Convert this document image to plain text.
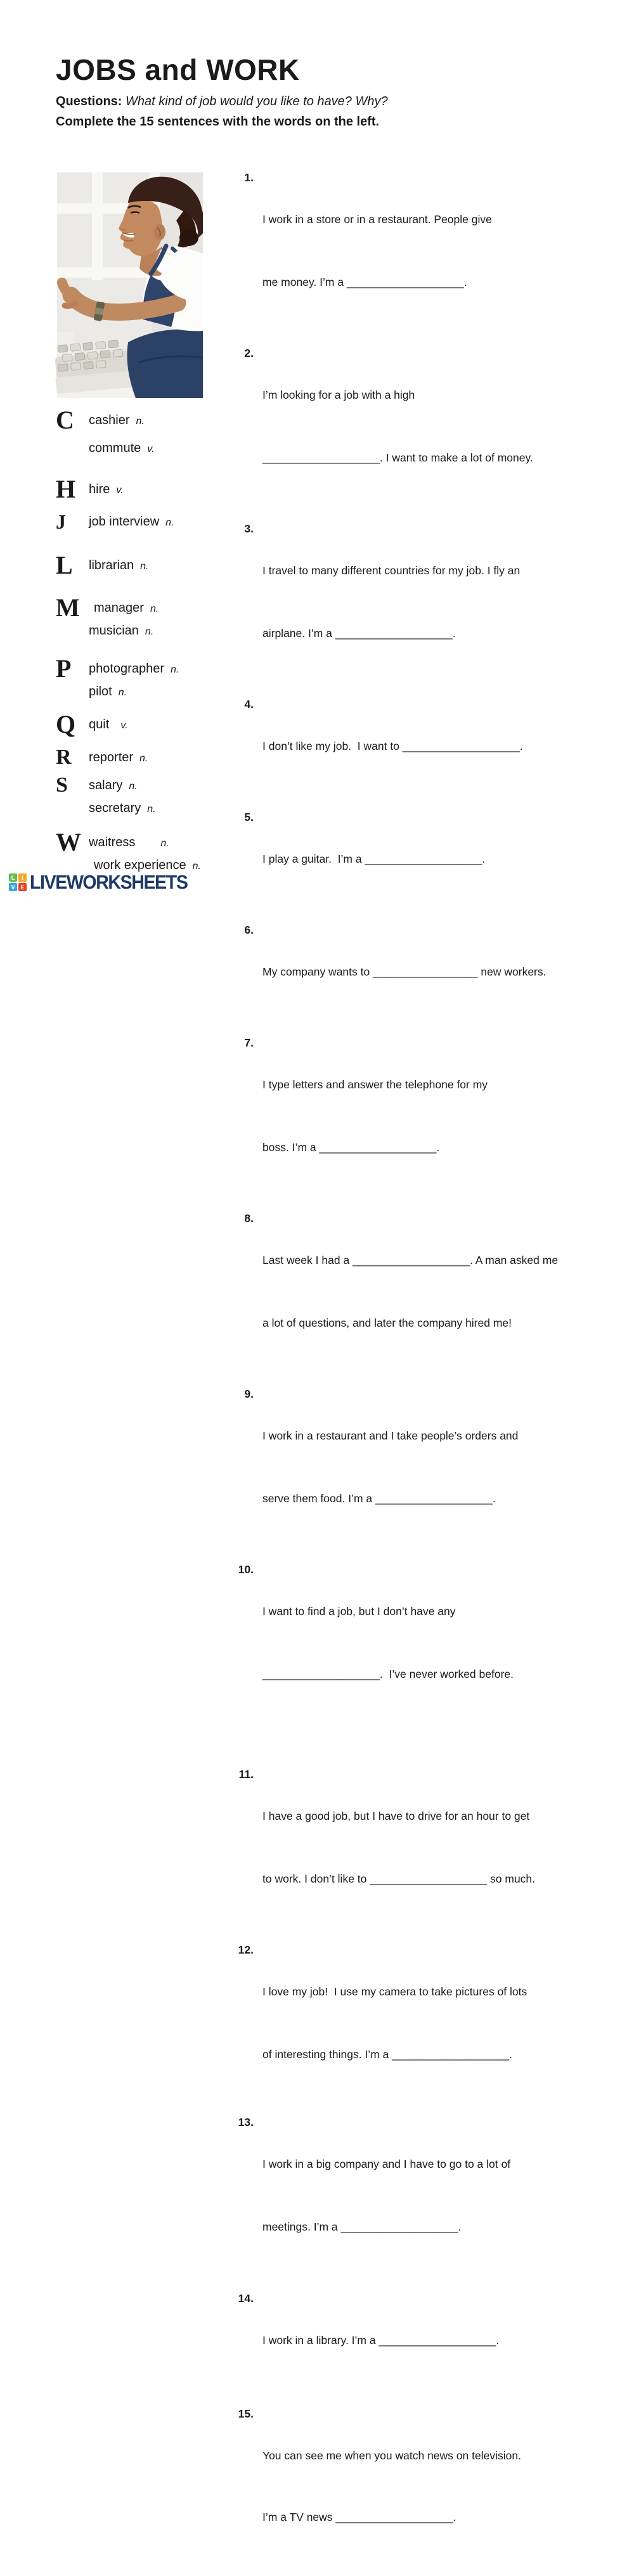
JOBS and WORK
Questions: What kind of job would you like to have? Why?
Complete the 15 sentences with the words on the left.
C	cashier n.
commute v.
H	hire v.
J	job interview n.
L	librarian n.
M	manager n.
musician n.
P	photographer n.
pilot n.
Q	quit v.
R	reporter n.
S	salary n.
secretary n.
W waitress	n.
work experience n.
1.

I work in a store or in a restaurant. People give

me money. I’m a ___________________.

2.

I’m looking for a job with a high

___________________. I want to make a lot of money.

3.

I travel to many different countries for my job. I fly an

airplane. I’m a ___________________.

4.

I don’t like my job.  I want to ___________________.

5.

I play a guitar.  I’m a ___________________.

6.

My company wants to _________________ new workers.

7.

I type letters and answer the telephone for my

boss. I’m a ___________________.

8.

Last week I had a ___________________. A man asked me

a lot of questions, and later the company hired me!

9.

I work in a restaurant and I take people’s orders and

serve them food. I’m a ___________________.

10.

I want to find a job, but I don’t have any

___________________.  I’ve never worked before.

11.

I have a good job, but I have to drive for an hour to get

to work. I don’t like to ___________________ so much.

12.

I love my job!  I use my camera to take pictures of lots

of interesting things. I’m a ___________________.

13.

I work in a big company and I have to go to a lot of

meetings. I’m a ___________________.

14.

I work in a library. I’m a ___________________.

15.

You can see me when you watch news on television.

I’m a TV news ___________________.

L	I
V E LIVEWORKSHEETS
